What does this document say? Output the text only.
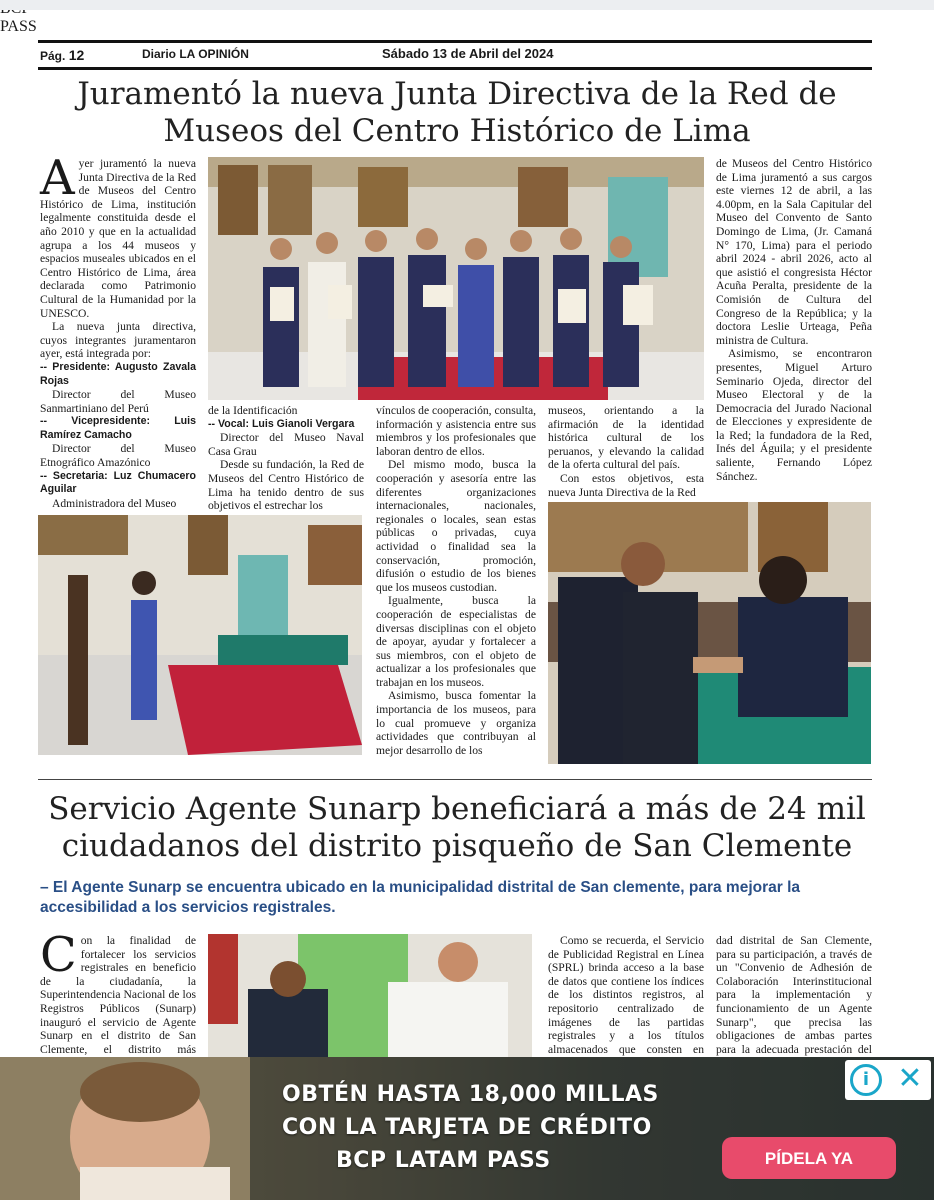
Pág. 12	Diario LA OPINIÓN	Sábado 13 de Abril del 2024
Juramentó la nueva Junta Directiva de la Red de
Museos del Centro Histórico de Lima

Ayer juramentó la nueva Junta Directiva de la Red de Museos del Centro Histórico de Lima, institución legalmente constituida desde el año 2010 y que en la actualidad agrupa a los 44 museos y espacios museales ubicados en el Centro Histórico de Lima, área declarada como Patrimonio Cultural de la Humanidad por la UNESCO.

La nueva junta directiva, cuyos integrantes juramentaron ayer, está integrada por:

-- Presidente: Augusto Zavala Rojas

Director del Museo Sanmartiniano del Perú

-- Vicepresidente: Luis Ramírez Camacho

Director del Museo Etnográfico Amazónico

-- Secretaria: Luz Chumacero Aguilar

Administradora del Museo

de la Identificación

-- Vocal: Luis Gianoli Vergara

Director del Museo Naval Casa Grau

Desde su fundación, la Red de Museos del Centro Histórico de Lima ha tenido dentro de sus objetivos el estrechar los

vínculos de cooperación, consulta, información y asistencia entre sus miembros y los profesionales que laboran dentro de ellos.

Del mismo modo, busca la cooperación y asesoría entre las diferentes organizaciones internacionales, nacionales, regionales o locales, sean estas públicas o privadas, cuya actividad o finalidad sea la conservación, promoción, difusión o estudio de los bienes que los museos custodian.

Igualmente, busca la cooperación de especialistas de diversas disciplinas con el objeto de apoyar, ayudar y fortalecer a sus miembros, con el objeto de actualizar a los profesionales que trabajan en los museos.

Asimismo, busca fomentar la importancia de los museos, para lo cual promueve y organiza actividades que contribuyan al mejor desarrollo de los

museos, orientando a la afirmación de la identidad histórica cultural de los peruanos, y elevando la calidad de la oferta cultural del país.

Con estos objetivos, esta nueva Junta Directiva de la Red

de Museos del Centro Histórico de Lima juramentó a sus cargos este viernes 12 de abril, a las 4.00pm, en la Sala Capitular del Museo del Convento de Santo Domingo de Lima, (Jr. Camaná N° 170, Lima) para el periodo abril 2024 - abril 2026, acto al que asistió el congresista Héctor Acuña Peralta, presidente de la Comisión de Cultura del Congreso de la República; y la doctora Leslie Urteaga, Peña ministra de Cultura.

Asimismo, se encontraron presentes, Miguel Arturo Seminario Ojeda, director del Museo Electoral y de la Democracia del Jurado Nacional de Elecciones y expresidente de la Red; la fundadora de la Red, Inés del Águila; y el presidente saliente, Fernando López Sánchez.

Servicio Agente Sunarp beneficiará a más de 24 mil
ciudadanos del distrito pisqueño de San Clemente

– El Agente Sunarp se encuentra ubicado en la municipalidad distrital de San clemente, para mejorar la accesibilidad a los servicios registrales.

Con la finalidad de fortalecer los servicios registrales en beneficio de la ciudadanía, la Superintendencia Nacional de los Registros Públicos (Sunarp) inauguró el servicio de Agente Sunarp en el distrito de San Clemente, el distrito más

Como se recuerda, el Servicio de Publicidad Registral en Línea (SPRL) brinda acceso a la base de datos que contiene los índices de los distintos registros, al repositorio centralizado de imágenes de las partidas registrales y a los títulos almacenados que consten en

dad distrital de San Clemente, para su participación, a través de un "Convenio de Adhesión de Colaboración Interinstitucional para la implementación y funcionamiento de un Agente Sunarp", que precisa las obligaciones de ambas partes para la adecuada prestación del

OBTÉN HASTA 18,000 MILLAS
CON LA TARJETA DE CRÉDITO
BCP LATAM PASS
PASS
PÍDELA YA
i ✕
